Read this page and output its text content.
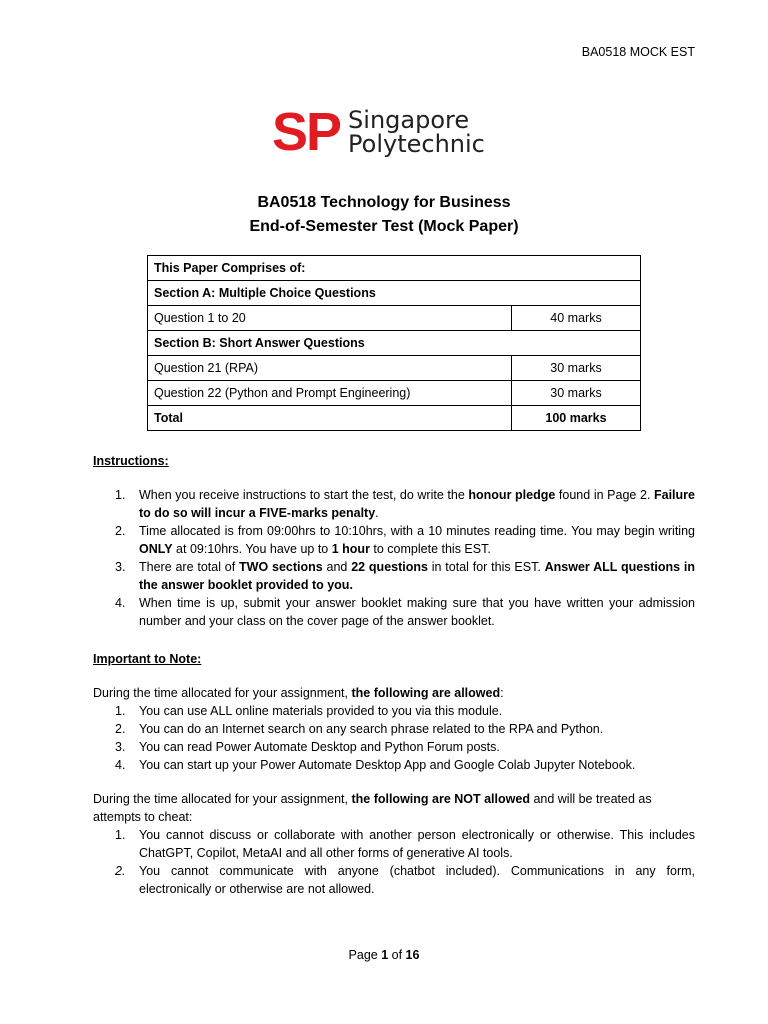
BA0518 MOCK EST
SP Singapore
Polytechnic
BA0518 Technology for Business
End-of-Semester Test (Mock Paper)
This Paper Comprises of:	
Section A: Multiple Choice Questions	
Question 1 to 20	40 marks
Section B: Short Answer Questions	
Question 21 (RPA)	30 marks
Question 22 (Python and Prompt Engineering)	30 marks
Total	100 marks
Instructions:
1. When you receive instructions to start the test, do write the honour pledge found in Page 2. Failure to do so will incur a FIVE-marks penalty.
2. Time allocated is from 09:00hrs to 10:10hrs, with a 10 minutes reading time. You may begin writing ONLY at 09:10hrs. You have up to 1 hour to complete this EST.
3. There are total of TWO sections and 22 questions in total for this EST. Answer ALL questions in the answer booklet provided to you.
4. When time is up, submit your answer booklet making sure that you have written your admission number and your class on the cover page of the answer booklet.
Important to Note:

During the time allocated for your assignment, the following are allowed:

1. You can use ALL online materials provided to you via this module.
2. You can do an Internet search on any search phrase related to the RPA and Python.
3. You can read Power Automate Desktop and Python Forum posts.
4. You can start up your Power Automate Desktop App and Google Colab Jupyter Notebook.

During the time allocated for your assignment, the following are NOT allowed and will be treated as attempts to cheat:

1. You cannot discuss or collaborate with another person electronically or otherwise. This includes ChatGPT, Copilot, MetaAI and all other forms of generative AI tools.
2. You cannot communicate with anyone (chatbot included). Communications in any form, electronically or otherwise are not allowed.
Page 1 of 16
